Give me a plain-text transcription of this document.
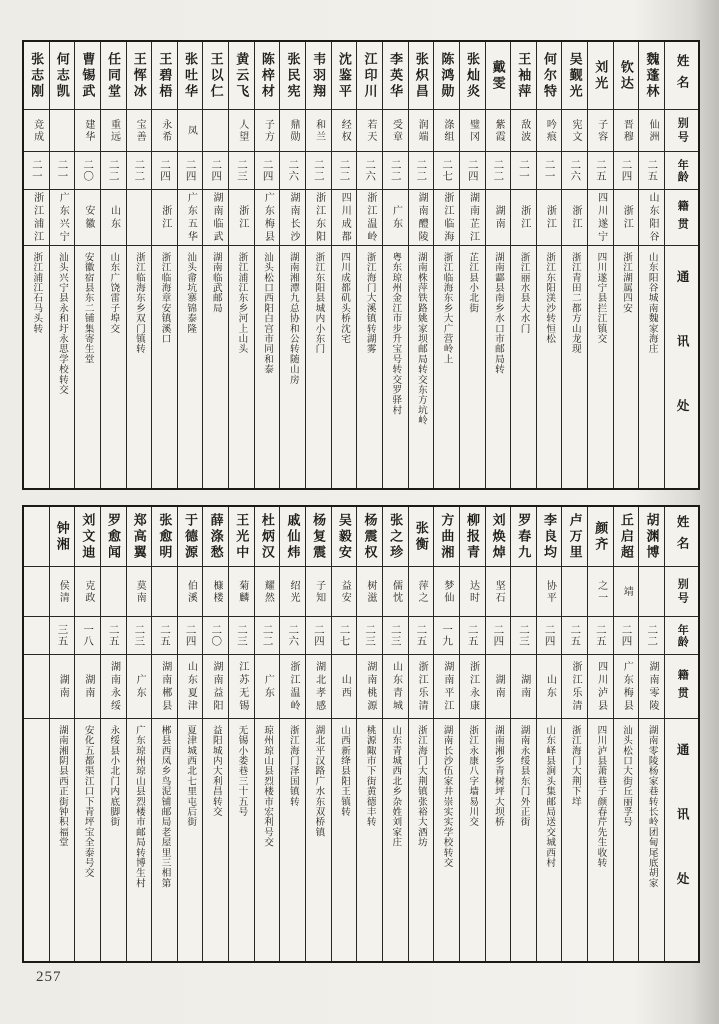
姓名
别号
年龄
籍贯
通讯处
魏蓬林
仙洲
二五
山东阳谷
山东阳谷城南魏家海庄
钦达
晋穆
二四
浙江
浙江湖属四安
刘光
子容
二五
四川遂宁
四川遂宁县拦江镇交
吴觐光
宪文
二六
浙江
浙江青田二都方山龙现
何尔特
吟痕
二一
浙江
浙江东阳渼沙转恒松
王袖萍
敌波
二一
浙江
浙江丽水县大水门
戴雯
紫霞
二二
湖南
湖南酃县南乡水口市邮局转
张灿炎
璧冈
二四
湖南芷江
芷江县小北街
陈鸿勋
涤组
二七
浙江临海
浙江临海东乡大广营岭上
张炽昌
润端
二二
湖南醴陵
湖南株萍铁路姚家坝邮局转交东方坑岭
李英华
受章
二二
广东
粤东琼州金江市步升宝号转交罗驿村
江印川
若天
二六
浙江温岭
浙江海门大溪镇转湖雾
沈鉴平
经权
二二
四川成都
四川成都矶头桥沈宅
韦羽翔
和兰
二二
浙江东阳
浙江东阳县城内小东门
张民宪
鼎勋
二六
湖南长沙
湖南湘潭九总协和公转随山房
陈梓材
子方
二四
广东梅县
汕头松口西阳白宫市同和泰
黄云飞
人望
二三
浙江
浙江浦江东乡河上山头
王以仁
二四
湖南临武
湖南临武邮局
张吐华
凤
二四
广东五华
汕头畲坑寨锦泰隆
王碧梧
永希
二四
浙江
浙江临海章安镇溪口
王恽冰
宝善
二二
浙江临海东乡双门镇转
任同堂
重远
二二
山东
山东广饶雷子埠交
曹锡武
建华
二〇
安徽
安徽宿县东二铺集寄生堂
何志凯
二一
广东兴宁
汕头兴宁县永和圩永思学校转交
张志刚
竞成
二一
浙江浦江
浙江浦江石马头转
姓名
别号
年龄
籍贯
通讯处
胡渊博
二二
湖南零陵
湖南零陵杨家巷转长岭团甸尾底胡家
丘启超
靖
二四
广东梅县
汕头松口大街丘丽孚号
颜齐
之一
二五
四川泸县
四川泸县萧巷子颜春芹先生收转
卢万里
二五
浙江乐清
浙江海门大荆下垟
李良均
协平
二四
山东
山东峄县涧头集邮局送交城西村
罗春九
二三
湖南
湖南永绥县东门外正街
刘焕焯
坚石
二四
湖南
湖南湘乡青树坪大坝桥
柳报青
达时
二五
浙江永康
浙江永康八字墙易川交
方曲湘
梦仙
一九
湖南平江
湖南长沙伍家井崇实实学校转交
张衡
萍之
二五
浙江乐清
浙江海门大荆镇张裕大酒坊
张之珍
儒忱
二三
山东青城
山东青城西北乡杂姓刘家庄
杨震权
树滋
二三
湖南桃源
桃源陬市下街黄德丰转
吴毅安
益安
二七
山西
山西新绛县阳王镇转
杨复震
子知
二四
湖北孝感
湖北平汉路广水东双桥镇
戚仙炜
绍光
二六
浙江温岭
浙江海门泽国镇转
杜炳汉
耀然
二二
广东
琼州琼山县烈楼市宏利号交
王光中
菊麟
二三
江苏无锡
无锡小娄巷三十五号
薛涤愁
槺楼
二〇
湖南益阳
益阳城内大利昌转交
于德源
伯溪
二四
山东夏津
夏津城西北七里屯后街
张愈明
二五
湖南郴县
郴县西凤乡鸟泥铺邮局老屋里三相第
郑高翼
莫南
二三
广东
广东琼州琼山县烈楼市邮局转博生村
罗愈闻
二五
湖南永绥
永绥县小北门内底脚街
刘文迪
克政
一八
湖南
安化五都渠江口下青坪宝全泰号交
钟湘
侯清
三五
湖南
湖南湘阴县西正街钟积福堂
257
